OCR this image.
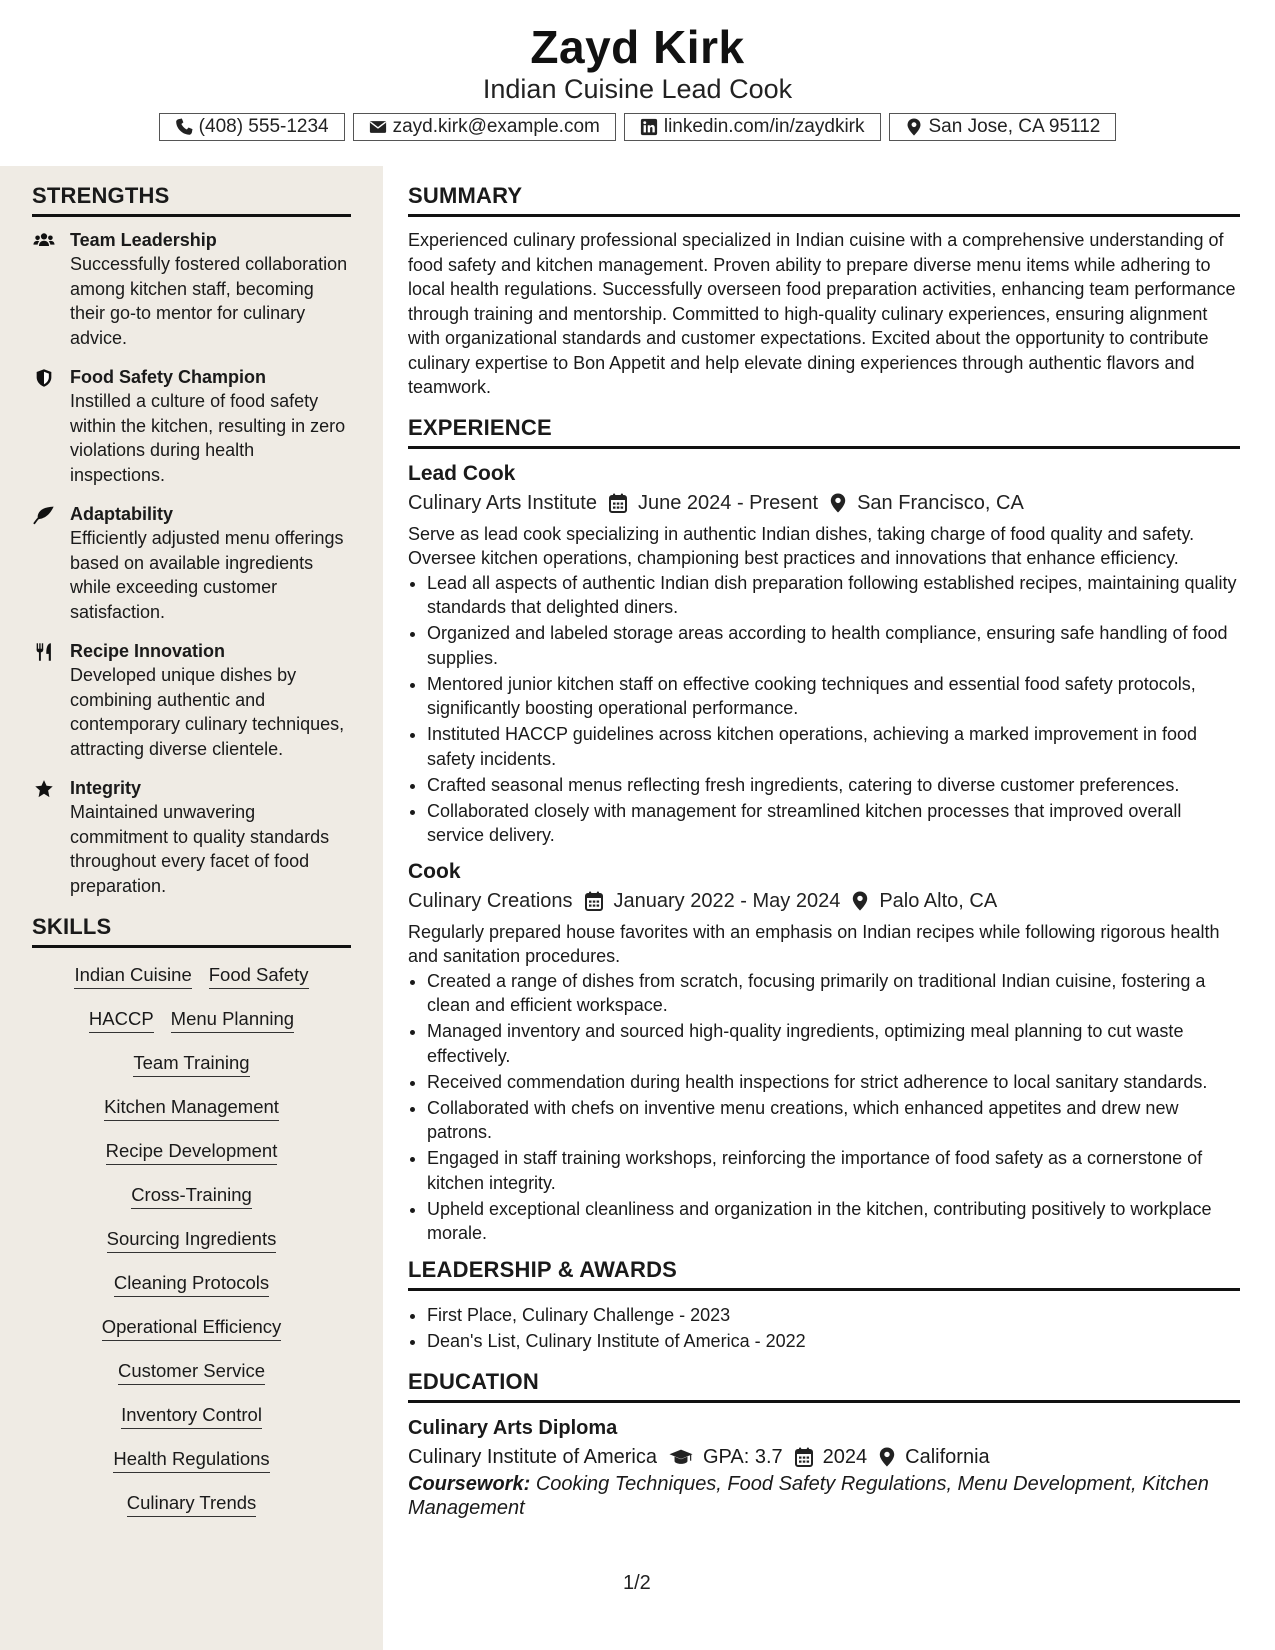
Zayd Kirk
Indian Cuisine Lead Cook
(408) 555-1234	zayd.kirk@example.com	linkedin.com/in/zaydkirk	San Jose, CA 95112
STRENGTHS
Team Leadership
Successfully fostered collaboration among kitchen staff, becoming their go-to mentor for culinary advice.
Food Safety Champion
Instilled a culture of food safety within the kitchen, resulting in zero violations during health inspections.
Adaptability
Efficiently adjusted menu offerings based on available ingredients while exceeding customer satisfaction.
Recipe Innovation
Developed unique dishes by combining authentic and contemporary culinary techniques, attracting diverse clientele.
Integrity
Maintained unwavering commitment to quality standards throughout every facet of food preparation.
SKILLS
Indian Cuisine Food Safety
HACCP Menu Planning
Team Training
Kitchen Management
Recipe Development
Cross-Training
Sourcing Ingredients
Cleaning Protocols
Operational Efficiency
Customer Service
Inventory Control
Health Regulations
Culinary Trends
SUMMARY
Experienced culinary professional specialized in Indian cuisine with a comprehensive understanding of food safety and kitchen management. Proven ability to prepare diverse menu items while adhering to local health regulations. Successfully overseen food preparation activities, enhancing team performance through training and mentorship. Committed to high-quality culinary experiences, ensuring alignment with organizational standards and customer expectations. Excited about the opportunity to contribute culinary expertise to Bon Appetit and help elevate dining experiences through authentic flavors and teamwork.
EXPERIENCE
Lead Cook
Culinary Arts Institute June 2024 - Present San Francisco, CA
Serve as lead cook specializing in authentic Indian dishes, taking charge of food quality and safety. Oversee kitchen operations, championing best practices and innovations that enhance efficiency.
• Lead all aspects of authentic Indian dish preparation following established recipes, maintaining quality standards that delighted diners.
• Organized and labeled storage areas according to health compliance, ensuring safe handling of food supplies.
• Mentored junior kitchen staff on effective cooking techniques and essential food safety protocols, significantly boosting operational performance.
• Instituted HACCP guidelines across kitchen operations, achieving a marked improvement in food safety incidents.
• Crafted seasonal menus reflecting fresh ingredients, catering to diverse customer preferences.
• Collaborated closely with management for streamlined kitchen processes that improved overall service delivery.
Cook
Culinary Creations January 2022 - May 2024 Palo Alto, CA
Regularly prepared house favorites with an emphasis on Indian recipes while following rigorous health and sanitation procedures.
• Created a range of dishes from scratch, focusing primarily on traditional Indian cuisine, fostering a clean and efficient workspace.
• Managed inventory and sourced high-quality ingredients, optimizing meal planning to cut waste effectively.
• Received commendation during health inspections for strict adherence to local sanitary standards.
• Collaborated with chefs on inventive menu creations, which enhanced appetites and drew new patrons.
• Engaged in staff training workshops, reinforcing the importance of food safety as a cornerstone of kitchen integrity.
• Upheld exceptional cleanliness and organization in the kitchen, contributing positively to workplace morale.
LEADERSHIP & AWARDS
• First Place, Culinary Challenge - 2023
• Dean's List, Culinary Institute of America - 2022
EDUCATION
Culinary Arts Diploma
Culinary Institute of America GPA: 3.7 2024 California
Coursework: Cooking Techniques, Food Safety Regulations, Menu Development, Kitchen Management
1/2
